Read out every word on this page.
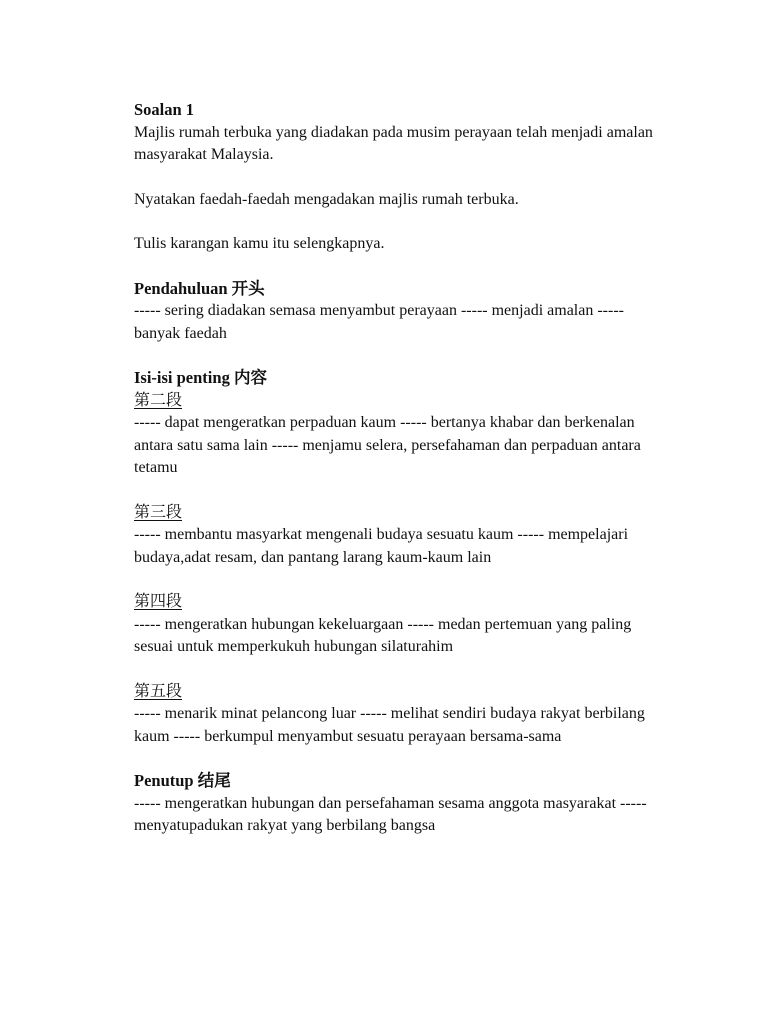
Soalan 1

Majlis rumah terbuka yang diadakan pada musim perayaan telah menjadi amalan masyarakat Malaysia.

Nyatakan faedah-faedah mengadakan majlis rumah terbuka.

Tulis karangan kamu itu selengkapnya.

Pendahuluan 开头

----- sering diadakan semasa menyambut perayaan ----- menjadi amalan ----- banyak faedah

Isi-isi penting 内容
第二段

----- dapat mengeratkan perpaduan kaum ----- bertanya khabar dan berkenalan antara satu sama lain ----- menjamu selera, persefahaman dan perpaduan antara tetamu

第三段

----- membantu masyarkat mengenali budaya sesuatu kaum ----- mempelajari budaya,adat resam, dan pantang larang kaum-kaum lain

第四段

----- mengeratkan hubungan kekeluargaan ----- medan pertemuan yang paling sesuai untuk memperkukuh hubungan silaturahim

第五段

----- menarik minat pelancong luar ----- melihat sendiri budaya rakyat berbilang kaum ----- berkumpul menyambut sesuatu perayaan bersama-sama

Penutup 结尾

----- mengeratkan hubungan dan persefahaman sesama anggota masyarakat ----- menyatupadukan rakyat yang berbilang bangsa
